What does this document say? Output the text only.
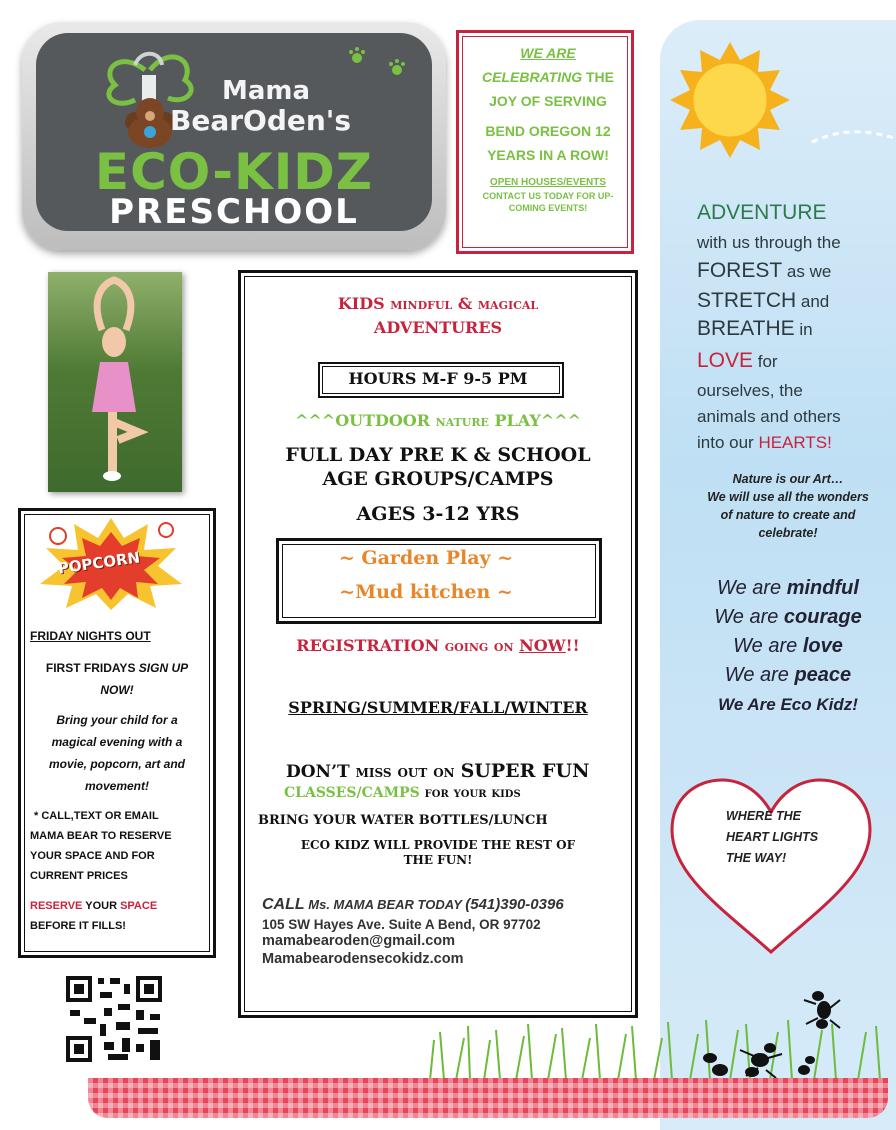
Mama
BearOden's
ECO-KIDZ
PRESCHOOL
WE ARE
CELEBRATING THE
JOY OF SERVING
BEND OREGON 12
YEARS IN A ROW!
OPEN HOUSES/EVENTS
CONTACT US TODAY FOR UP-
COMING EVENTS!	ADVENTURE
with us through the
FOREST as we
STRETCH and
BREATHE in
LOVE for
ourselves, the
animals and others
into our HEARTS!
Nature is our Art…
We will use all the wonders
of nature to create and
celebrate!
We are mindful
We are courage
We are love
We are peace
We Are Eco Kidz!
WHERE THE
HEART LIGHTS
THE WAY!
POPCORN
FRIDAY NIGHTS OUT
FIRST FRIDAYS SIGN UP
NOW!
Bring your child for a
magical evening with a
movie, popcorn, art and
movement!
* CALL,TEXT OR EMAIL
MAMA BEAR TO RESERVE
YOUR SPACE AND FOR
CURRENT PRICES
RESERVE YOUR SPACE
BEFORE IT FILLS!
KIDS mindful & magical
ADVENTURES
HOURS M-F 9-5 PM
^^^OUTDOOR nature PLAY^^^
FULL DAY PRE K & SCHOOL
AGE GROUPS/CAMPS
AGES 3-12 YRS
~ Garden Play ~
~Mud kitchen ~
REGISTRATION going on NOW!!
SPRING/SUMMER/FALL/WINTER
DON’T miss out on SUPER FUN
CLASSES/CAMPS for your kids
BRING YOUR WATER BOTTLES/LUNCH
ECO KIDZ WILL PROVIDE THE REST OF
THE FUN!
CALL Ms. MAMA BEAR TODAY (541)390-0396
105 SW Hayes Ave. Suite A Bend, OR 97702
mamabearoden@gmail.com
Mamabearodensecokidz.com
